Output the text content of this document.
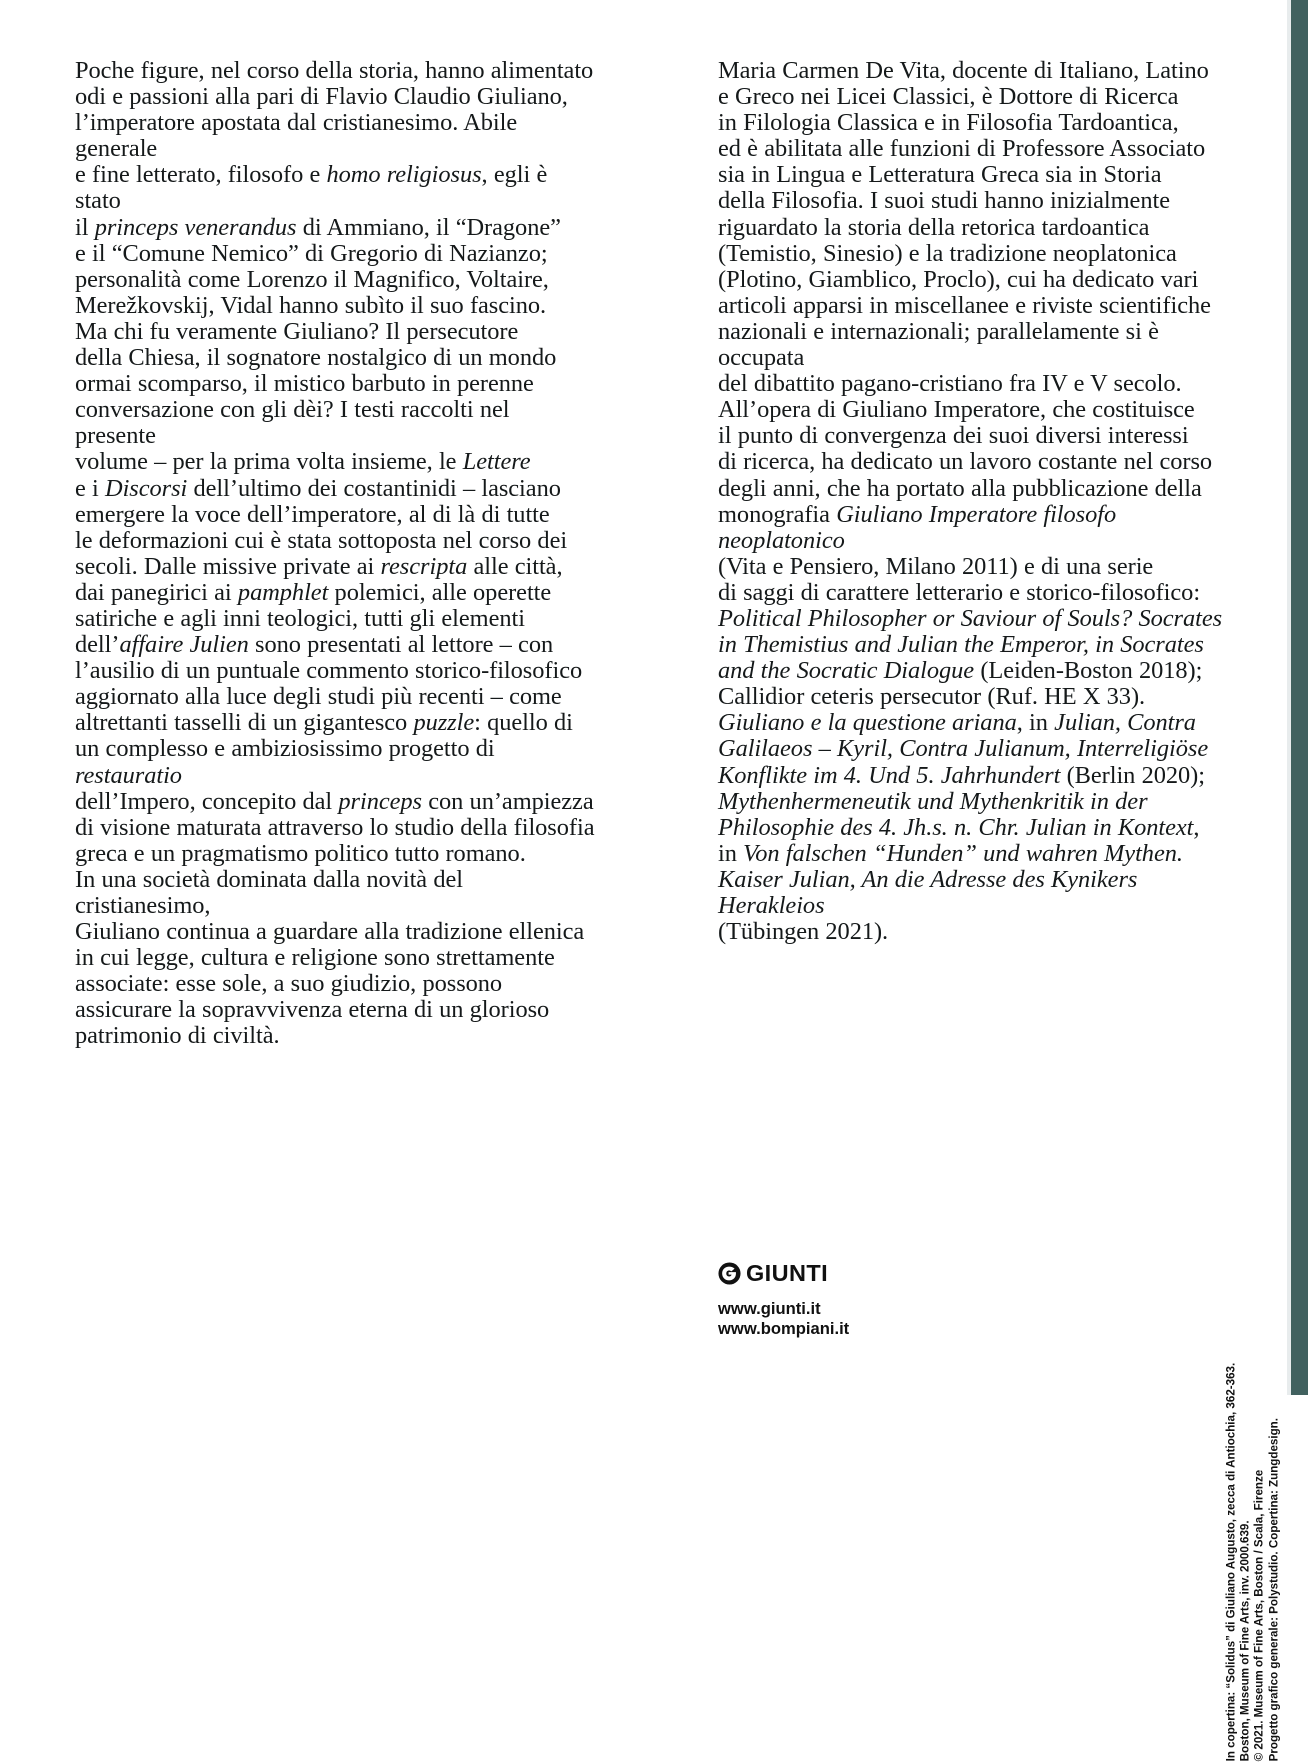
Poche figure, nel corso della storia, hanno alimentato
odi e passioni alla pari di Flavio Claudio Giuliano,
l’imperatore apostata dal cristianesimo. Abile generale
e fine letterato, filosofo e homo religiosus, egli è stato
il princeps venerandus di Ammiano, il “Dragone”
e il “Comune Nemico” di Gregorio di Nazianzo;
personalità come Lorenzo il Magnifico, Voltaire,
Merežkovskij, Vidal hanno subìto il suo fascino.
Ma chi fu veramente Giuliano? Il persecutore
della Chiesa, il sognatore nostalgico di un mondo
ormai scomparso, il mistico barbuto in perenne
conversazione con gli dèi? I testi raccolti nel presente
volume – per la prima volta insieme, le Lettere
e i Discorsi dell’ultimo dei costantinidi – lasciano
emergere la voce dell’imperatore, al di là di tutte
le deformazioni cui è stata sottoposta nel corso dei
secoli. Dalle missive private ai rescripta alle città,
dai panegirici ai pamphlet polemici, alle operette
satiriche e agli inni teologici, tutti gli elementi
dell’affaire Julien sono presentati al lettore – con
l’ausilio di un puntuale commento storico-filosofico
aggiornato alla luce degli studi più recenti – come
altrettanti tasselli di un gigantesco puzzle: quello di
un complesso e ambiziosissimo progetto di restauratio
dell’Impero, concepito dal princeps con un’ampiezza
di visione maturata attraverso lo studio della filosofia
greca e un pragmatismo politico tutto romano.
In una società dominata dalla novità del cristianesimo,
Giuliano continua a guardare alla tradizione ellenica
in cui legge, cultura e religione sono strettamente
associate: esse sole, a suo giudizio, possono
assicurare la sopravvivenza eterna di un glorioso
patrimonio di civiltà.
Maria Carmen De Vita, docente di Italiano, Latino
e Greco nei Licei Classici, è Dottore di Ricerca
in Filologia Classica e in Filosofia Tardoantica,
ed è abilitata alle funzioni di Professore Associato
sia in Lingua e Letteratura Greca sia in Storia
della Filosofia. I suoi studi hanno inizialmente
riguardato la storia della retorica tardoantica
(Temistio, Sinesio) e la tradizione neoplatonica
(Plotino, Giamblico, Proclo), cui ha dedicato vari
articoli apparsi in miscellanee e riviste scientifiche
nazionali e internazionali; parallelamente si è occupata
del dibattito pagano-cristiano fra IV e V secolo.
All’opera di Giuliano Imperatore, che costituisce
il punto di convergenza dei suoi diversi interessi
di ricerca, ha dedicato un lavoro costante nel corso
degli anni, che ha portato alla pubblicazione della
monografia Giuliano Imperatore filosofo neoplatonico
(Vita e Pensiero, Milano 2011) e di una serie
di saggi di carattere letterario e storico-filosofico:
Political Philosopher or Saviour of Souls? Socrates
in Themistius and Julian the Emperor, in Socrates
and the Socratic Dialogue (Leiden-Boston 2018);
Callidior ceteris persecutor (Ruf. HE X 33).
Giuliano e la questione ariana, in Julian, Contra
Galilaeos – Kyril, Contra Julianum, Interreligiöse
Konflikte im 4. Und 5. Jahrhundert (Berlin 2020);
Mythenhermeneutik und Mythenkritik in der
Philosophie des 4. Jh.s. n. Chr. Julian in Kontext,
in Von falschen “Hunden” und wahren Mythen.
Kaiser Julian, An die Adresse des Kynikers Herakleios
(Tübingen 2021).
In copertina: “Solidus” di Giuliano Augusto, zecca di Antiochia, 362-363. Boston, Museum of Fine Arts, inv. 2000.639. © 2021. Museum of Fine Arts, Boston / Scala, Firenze Progetto grafico generale: Polystudio. Copertina: Zungdesign.
GIUNTI
www.giunti.it
www.bompiani.it
